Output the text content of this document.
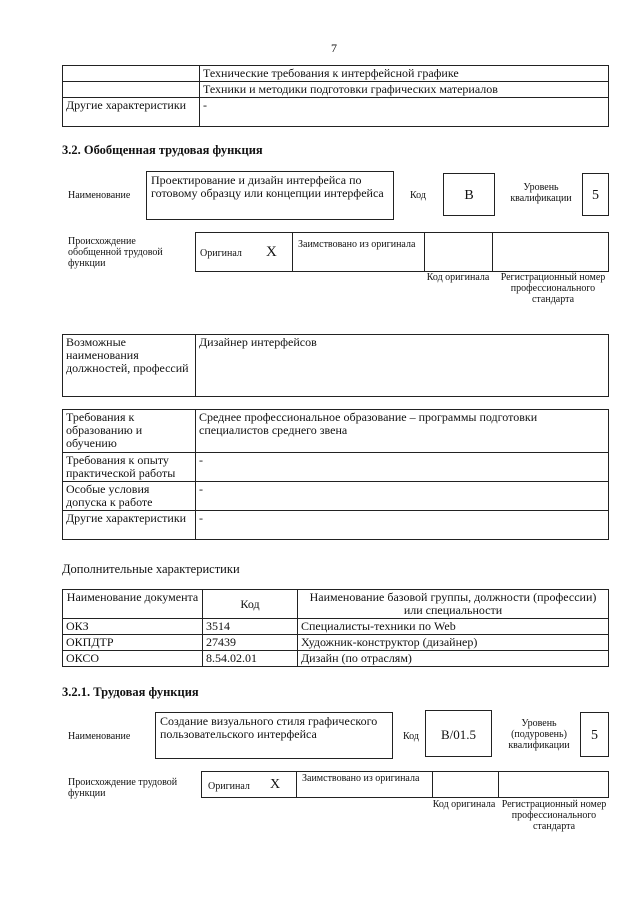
7
	Технические требования к интерфейсной графике
	Техники и методики подготовки графических материалов
Другие характеристики	-
3.2. Обобщенная трудовая функция
Наименование
Проектирование и дизайн интерфейса по готовому образцу или концепции интерфейса	Код	B
Уровень квалификации	5
Происхождение обобщенной трудовой функции
Оригинал X Заимствовано из оригинала
Код оригинала	Регистрационный номер профессионального стандарта
Возможные наименования должностей, профессий	Дизайнер интерфейсов
Требования к образованию и обучению	Среднее профессиональное образование – программы подготовки специалистов среднего звена
Требования к опыту практической работы	-
Особые условия допуска к работе	-
Другие характеристики	-
Дополнительные характеристики
Наименование документа	Код	Наименование базовой группы, должности (профессии) или специальности
ОКЗ	3514	Специалисты-техники по Web
ОКПДТР	27439	Художник-конструктор (дизайнер)
ОКСО	8.54.02.01	Дизайн (по отраслям)
3.2.1. Трудовая функция
Наименование
Создание визуального стиля графического пользовательского интерфейса	Код	B/01.5
Уровень (подуровень) квалификации
5
Происхождение трудовой функции
Оригинал X Заимствовано из оригинала
Код оригинала Регистрационный номер профессионального стандарта
